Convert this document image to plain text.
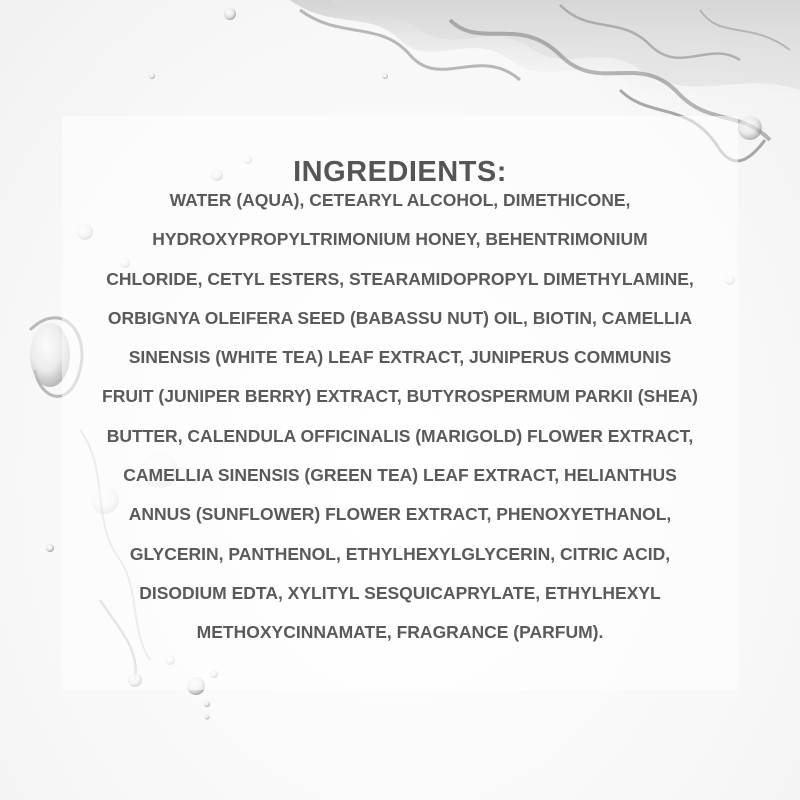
INGREDIENTS:
WATER (AQUA), CETEARYL ALCOHOL, DIMETHICONE,
HYDROXYPROPYLTRIMONIUM HONEY, BEHENTRIMONIUM
CHLORIDE, CETYL ESTERS, STEARAMIDOPROPYL DIMETHYLAMINE,
ORBIGNYA OLEIFERA SEED (BABASSU NUT) OIL, BIOTIN, CAMELLIA
SINENSIS (WHITE TEA) LEAF EXTRACT, JUNIPERUS COMMUNIS
FRUIT (JUNIPER BERRY) EXTRACT, BUTYROSPERMUM PARKII (SHEA)
BUTTER, CALENDULA OFFICINALIS (MARIGOLD) FLOWER EXTRACT,
CAMELLIA SINENSIS (GREEN TEA) LEAF EXTRACT, HELIANTHUS
ANNUS (SUNFLOWER) FLOWER EXTRACT, PHENOXYETHANOL,
GLYCERIN, PANTHENOL, ETHYLHEXYLGLYCERIN, CITRIC ACID,
DISODIUM EDTA, XYLITYL SESQUICAPRYLATE, ETHYLHEXYL
METHOXYCINNAMATE, FRAGRANCE (PARFUM).
